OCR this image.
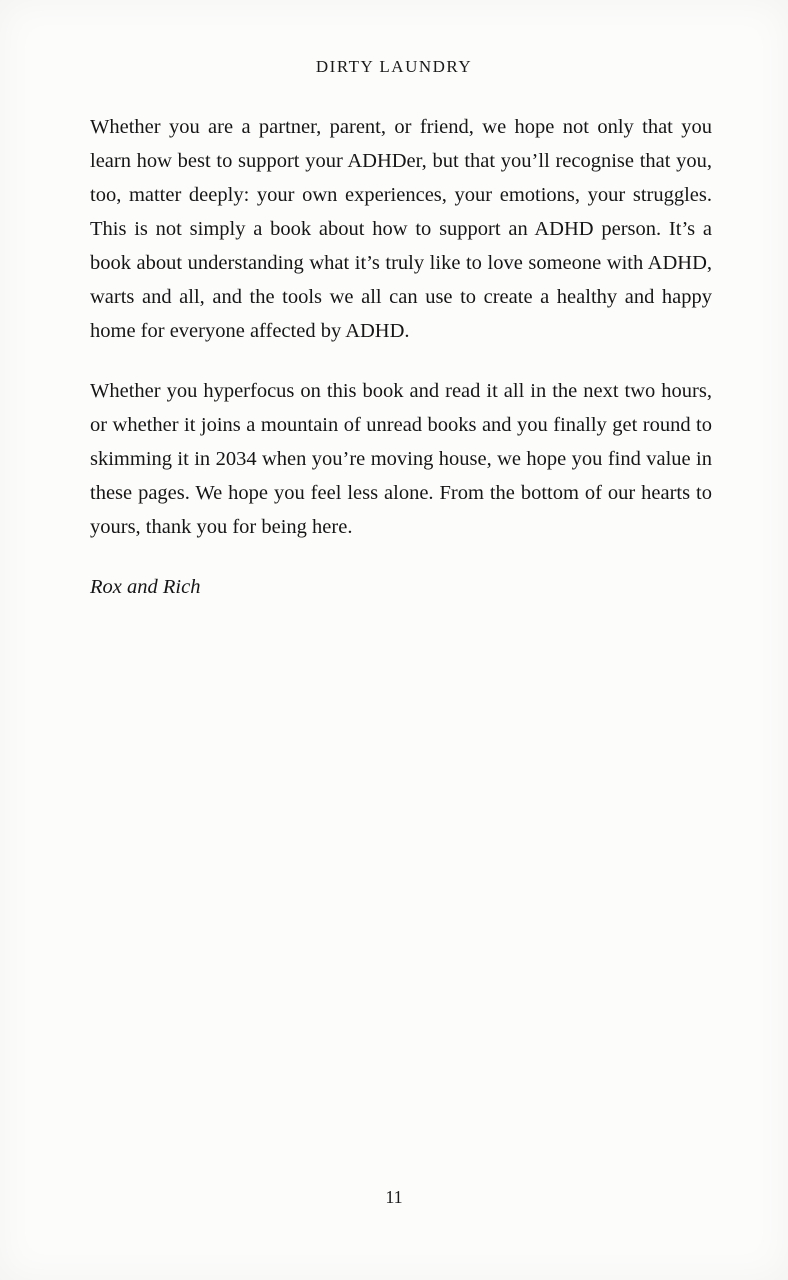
DIRTY LAUNDRY

Whether you are a partner, parent, or friend, we hope not only that you learn how best to support your ADHDer, but that you’ll recognise that you, too, matter deeply: your own experiences, your emotions, your struggles. This is not simply a book about how to support an ADHD person. It’s a book about understanding what it’s truly like to love someone with ADHD, warts and all, and the tools we all can use to create a healthy and happy home for everyone affected by ADHD.

Whether you hyperfocus on this book and read it all in the next two hours, or whether it joins a mountain of unread books and you finally get round to skimming it in 2034 when you’re moving house, we hope you find value in these pages. We hope you feel less alone. From the bottom of our hearts to yours, thank you for being here.

Rox and Rich
11
